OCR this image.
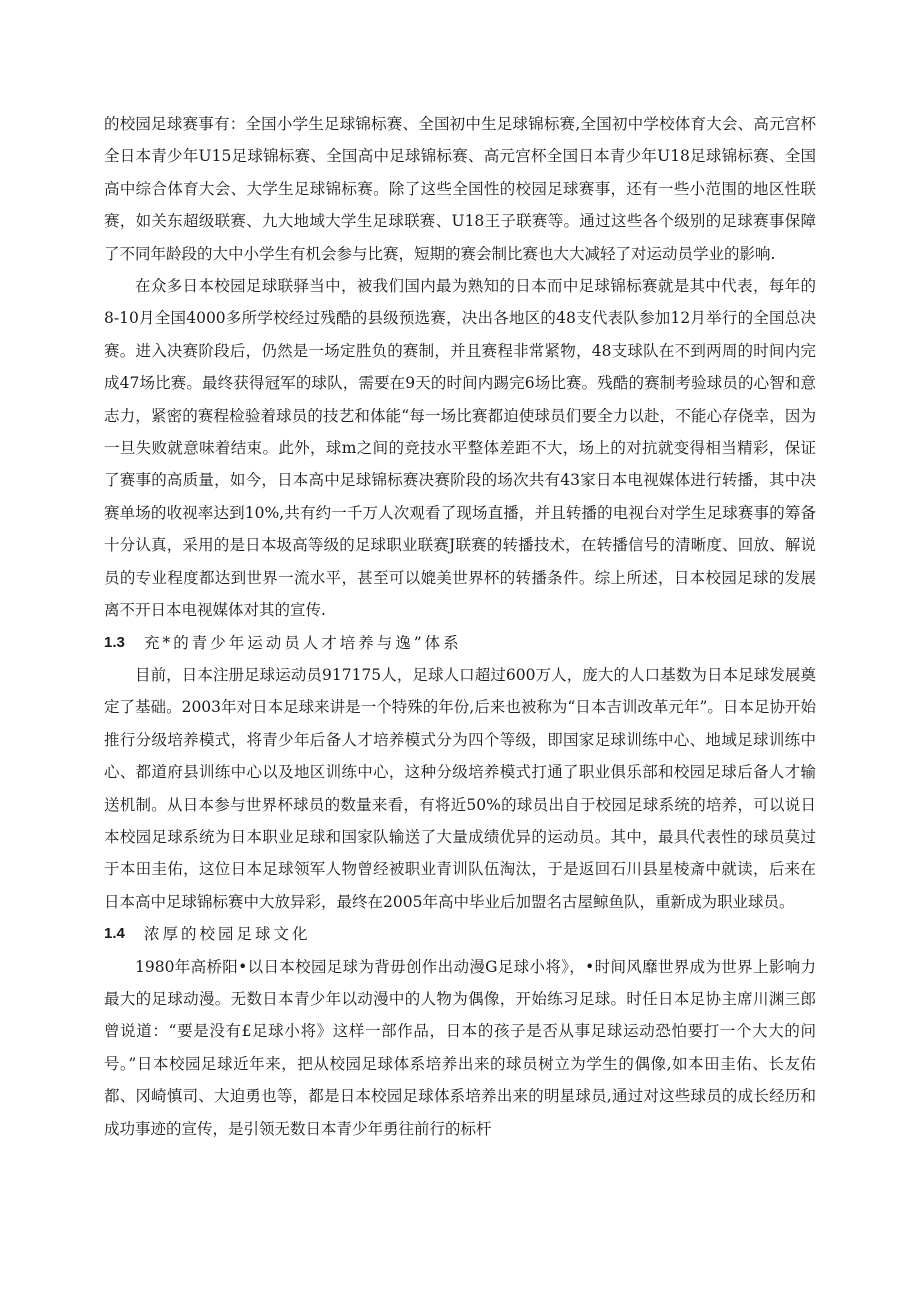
的校园足球赛事有：全国小学生足球锦标赛、全国初中生足球锦标赛,全国初中学校体育大会、高元宫杯全日本青少年U15足球锦标赛、全国高中足球锦标赛、高元宫杯全国日本青少年U18足球锦标赛、全国高中综合体育大会、大学生足球锦标赛。除了这些全国性的校园足球赛事，还有一些小范围的地区性联赛，如关东超级联赛、九大地域大学生足球联赛、U18王子联赛等。通过这些各个级别的足球赛事保障了不同年龄段的大中小学生有机会参与比赛，短期的赛会制比赛也大大减轻了对运动员学业的影响.

在众多日本校园足球联驿当中，被我们国内最为熟知的日本而中足球锦标赛就是其中代表，每年的8-10月全国4000多所学校经过残酷的县级预选赛，决出各地区的48支代表队参加12月举行的全国总决赛。进入决赛阶段后，仍然是一场定胜负的赛制，并且赛程非常紧物，48支球队在不到两周的时间内完成47场比赛。最终获得冠军的球队，需要在9天的时间内踢完6场比赛。残酷的赛制考验球员的心智和意志力，紧密的赛程检验着球员的技艺和体能“每一场比赛都迫使球员们要全力以赴，不能心存侥幸，因为一旦失败就意味着结束。此外，球m之间的竞技水平整体差距不大，场上的对抗就变得相当精彩，保证了赛事的高质量，如今，日本高中足球锦标赛决赛阶段的场次共有43家日本电视媒体进行转播，其中决赛单场的收视率达到10%,共有约一千万人次观看了现场直播，并且转播的电视台对学生足球赛事的筹备十分认真，采用的是日本圾高等级的足球职业联赛J联赛的转播技术，在转播信号的清晰度、回放、解说员的专业程度都达到世界一流水平，甚至可以媲美世界杯的转播条件。综上所述，日本校园足球的发展离不开日本电视媒体对其的宣传.

1.3	充*的青少年运动员人才培养与逸”体系

目前，日本注册足球运动员917175人，足球人口超过600万人，庞大的人口基数为日本足球发展奠定了基础。2003年对日本足球来讲是一个特殊的年份,后来也被称为“日本吉训改革元年”。日本足协开始推行分级培养模式，将青少年后备人才培养模式分为四个等级，即国家足球训练中心、地域足球训练中心、都道府县训练中心以及地区训练中心，这种分级培养模式打通了职业俱乐部和校园足球后备人才输送机制。从日本参与世界杯球员的数量来看，有将近50%的球员出自于校园足球系统的培养，可以说日本校园足球系统为日本职业足球和国家队输送了大量成绩优异的运动员。其中，最具代表性的球员莫过于本田圭佑，这位日本足球领军人物曾经被职业青训队伍淘汰，于是返回石川县星棱斎中就读，后来在日本高中足球锦标赛中大放异彩，最终在2005年高中毕业后加盟名古屋鲸鱼队，重新成为职业球员。

1.4	浓厚的校园足球文化

1980年高桥阳•以日本校园足球为背毋创作出动漫G足球小将》，•时间风靡世界成为世界上影响力最大的足球动漫。无数日本青少年以动漫中的人物为偶像，开始练习足球。时任日本足协主席川渊三郎曾说道：“要是没有£足球小将》这样一部作品，日本的孩子是否从事足球运动恐怕要打一个大大的问号。”日本校园足球近年来，把从校园足球体系培养出来的球员树立为学生的偶像,如本田圭佑、长友佑都、冈崎慎司、大迫勇也等，都是日本校园足球体系培养出来的明星球员,通过对这些球员的成长经历和成功事迹的宣传，是引领无数日本青少年勇往前行的标杆
